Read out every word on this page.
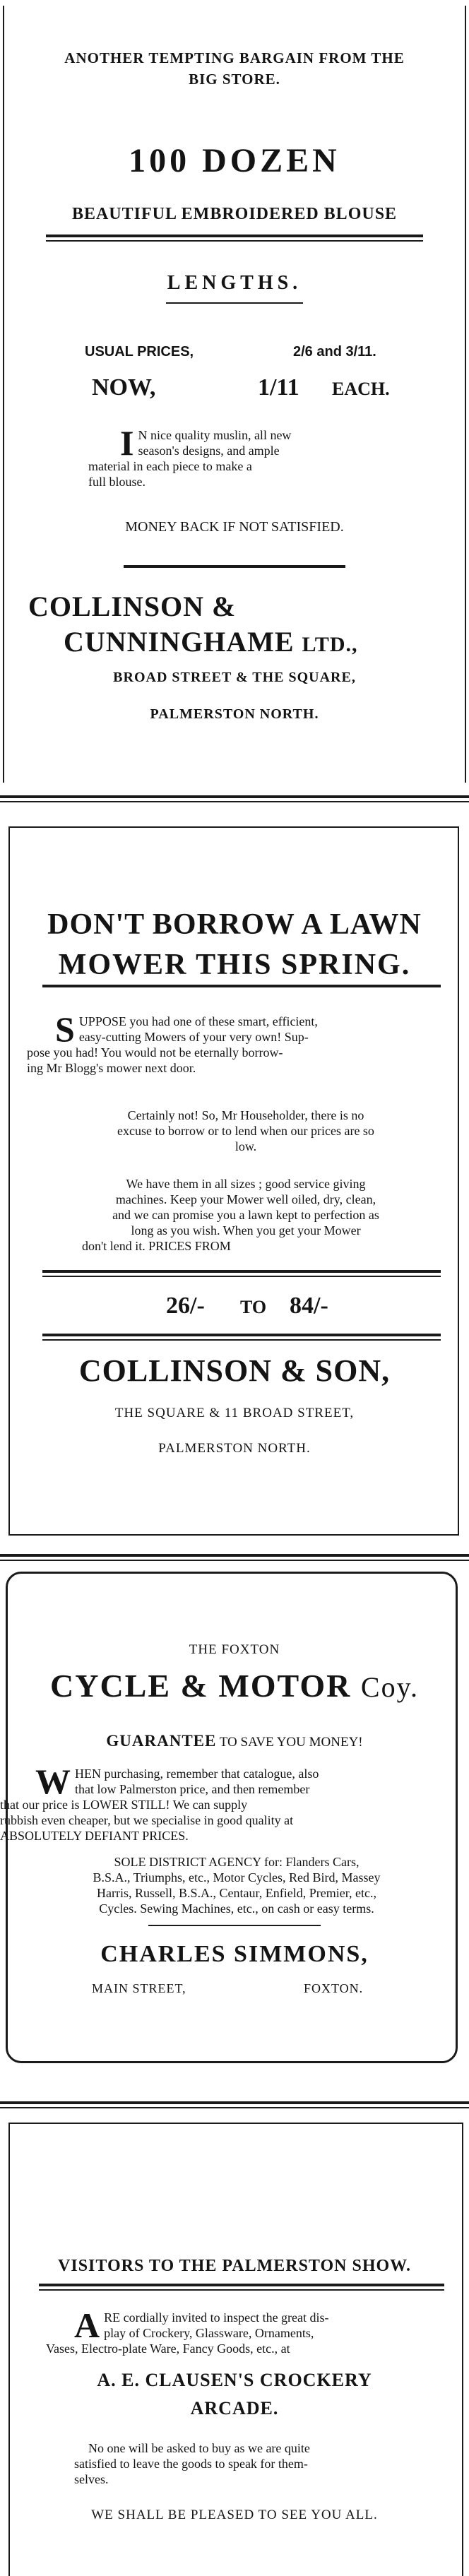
ANOTHER TEMPTING BARGAIN FROM THE
BIG STORE.
100 DOZEN
BEAUTIFUL EMBROIDERED BLOUSE
LENGTHS.
USUAL PRICES,	2/6 and 3/11.
NOW,	1/11 EACH.
I N nice quality muslin, all new
season's designs, and ample
material in each piece to make a
full blouse.
MONEY BACK IF NOT SATISFIED.
COLLINSON &
CUNNINGHAME LTD.,
BROAD STREET & THE SQUARE,
PALMERSTON NORTH.
DON'T BORROW A LAWN
MOWER THIS SPRING.
S UPPOSE you had one of these smart, efficient,
easy-cutting Mowers of your very own! Sup-
pose you had! You would not be eternally borrow-
ing Mr Blogg's mower next door.
Certainly not! So, Mr Householder, there is no
excuse to borrow or to lend when our prices are so
low.
We have them in all sizes ; good service giving
machines. Keep your Mower well oiled, dry, clean,
and we can promise you a lawn kept to perfection as
long as you wish. When you get your Mower
don't lend it. PRICES FROM
26/- TO 84/-
COLLINSON & SON,
THE SQUARE & 11 BROAD STREET,
PALMERSTON NORTH.
THE FOXTON
CYCLE & MOTOR Coy.
GUARANTEE TO SAVE YOU MONEY!
W HEN purchasing, remember that catalogue, also
that low Palmerston price, and then remember
that our price is LOWER STILL! We can supply
rubbish even cheaper, but we specialise in good quality at
ABSOLUTELY DEFIANT PRICES.
SOLE DISTRICT AGENCY for: Flanders Cars,
B.S.A., Triumphs, etc., Motor Cycles, Red Bird, Massey
Harris, Russell, B.S.A., Centaur, Enfield, Premier, etc.,
Cycles. Sewing Machines, etc., on cash or easy terms.
CHARLES SIMMONS,
MAIN STREET,	FOXTON.
VISITORS TO THE PALMERSTON SHOW.
A RE cordially invited to inspect the great dis-
play of Crockery, Glassware, Ornaments,
Vases, Electro-plate Ware, Fancy Goods, etc., at
A. E. CLAUSEN'S CROCKERY
ARCADE.
No one will be asked to buy as we are quite
satisfied to leave the goods to speak for them-
selves.
WE SHALL BE PLEASED TO SEE YOU ALL.
